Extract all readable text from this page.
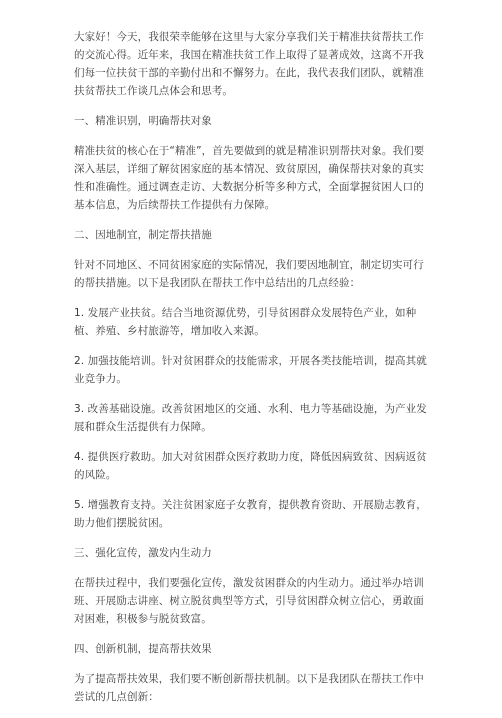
大家好！今天，我很荣幸能够在这里与大家分享我们关于精准扶贫帮扶工作的交流心得。近年来，我国在精准扶贫工作上取得了显著成效，这离不开我们每一位扶贫干部的辛勤付出和不懈努力。在此，我代表我们团队，就精准扶贫帮扶工作谈几点体会和思考。

一、精准识别，明确帮扶对象

精准扶贫的核心在于“精准”，首先要做到的就是精准识别帮扶对象。我们要深入基层，详细了解贫困家庭的基本情况、致贫原因，确保帮扶对象的真实性和准确性。通过调查走访、大数据分析等多种方式，全面掌握贫困人口的基本信息，为后续帮扶工作提供有力保障。

二、因地制宜，制定帮扶措施

针对不同地区、不同贫困家庭的实际情况，我们要因地制宜，制定切实可行的帮扶措施。以下是我团队在帮扶工作中总结出的几点经验：

1. 发展产业扶贫。结合当地资源优势，引导贫困群众发展特色产业，如种植、养殖、乡村旅游等，增加收入来源。

2. 加强技能培训。针对贫困群众的技能需求，开展各类技能培训，提高其就业竞争力。

3. 改善基础设施。改善贫困地区的交通、水利、电力等基础设施，为产业发展和群众生活提供有力保障。

4. 提供医疗救助。加大对贫困群众医疗救助力度，降低因病致贫、因病返贫的风险。

5. 增强教育支持。关注贫困家庭子女教育，提供教育资助、开展励志教育，助力他们摆脱贫困。

三、强化宣传，激发内生动力

在帮扶过程中，我们要强化宣传，激发贫困群众的内生动力。通过举办培训班、开展励志讲座、树立脱贫典型等方式，引导贫困群众树立信心，勇敢面对困难，积极参与脱贫致富。

四、创新机制，提高帮扶效果

为了提高帮扶效果，我们要不断创新帮扶机制。以下是我团队在帮扶工作中尝试的几点创新：
